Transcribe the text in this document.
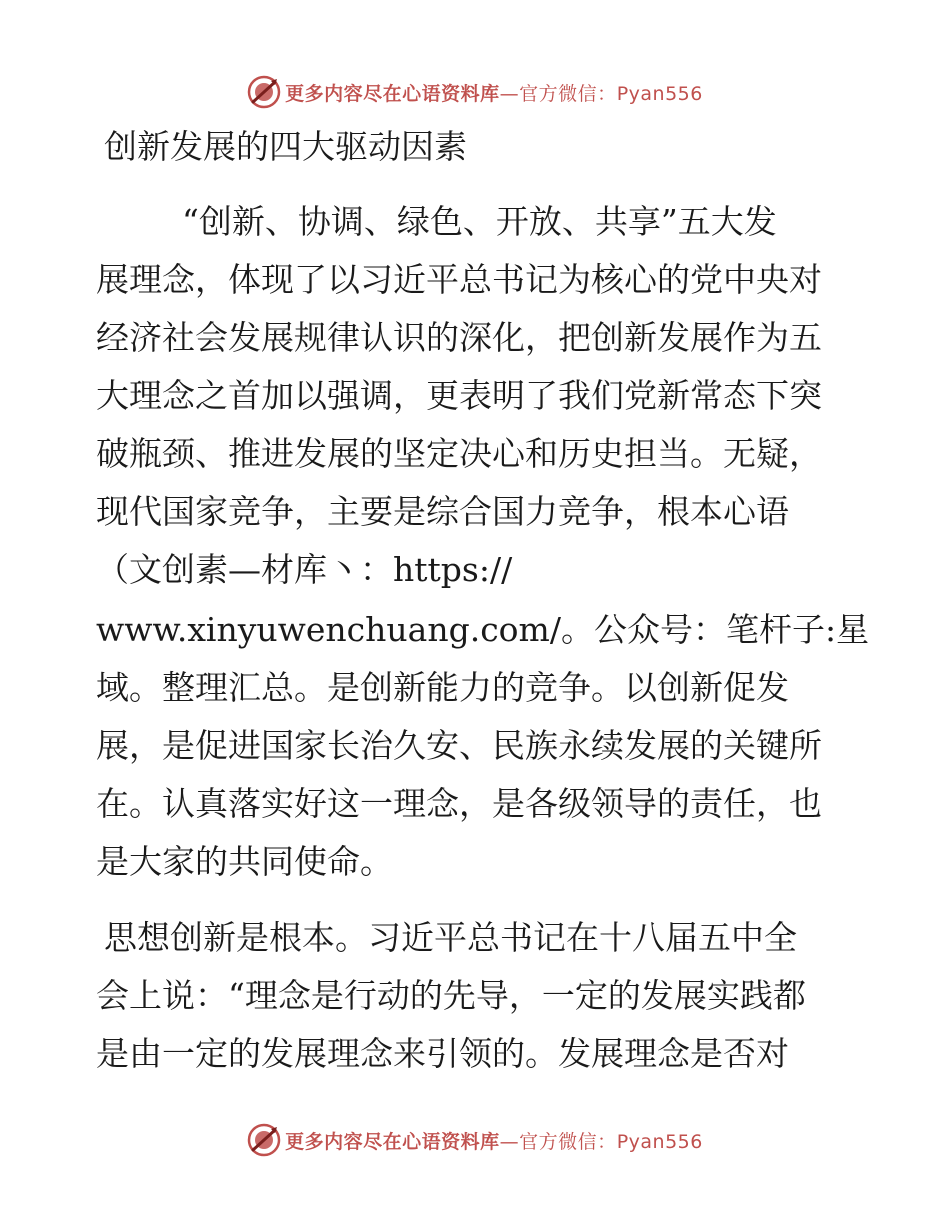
更多内容尽在心语资料库—官方微信：Pyan556
创新发展的四大驱动因素
“创新、协调、绿色、开放、共享”五大发
展理念，体现了以习近平总书记为核心的党中央对
经济社会发展规律认识的深化，把创新发展作为五
大理念之首加以强调，更表明了我们党新常态下突
破瓶颈、推进发展的坚定决心和历史担当。无疑，
现代国家竞争，主要是综合国力竞争，根本心语
（文创素—材库丶：https://
www.xinyuwenchuang.com/。公众号：笔杆子:星
域。整理汇总。是创新能力的竞争。以创新促发
展，是促进国家长治久安、民族永续发展的关键所
在。认真落实好这一理念，是各级领导的责任，也
是大家的共同使命。
思想创新是根本。习近平总书记在十八届五中全
会上说：“理念是行动的先导，一定的发展实践都
是由一定的发展理念来引领的。发展理念是否对
更多内容尽在心语资料库—官方微信：Pyan556
